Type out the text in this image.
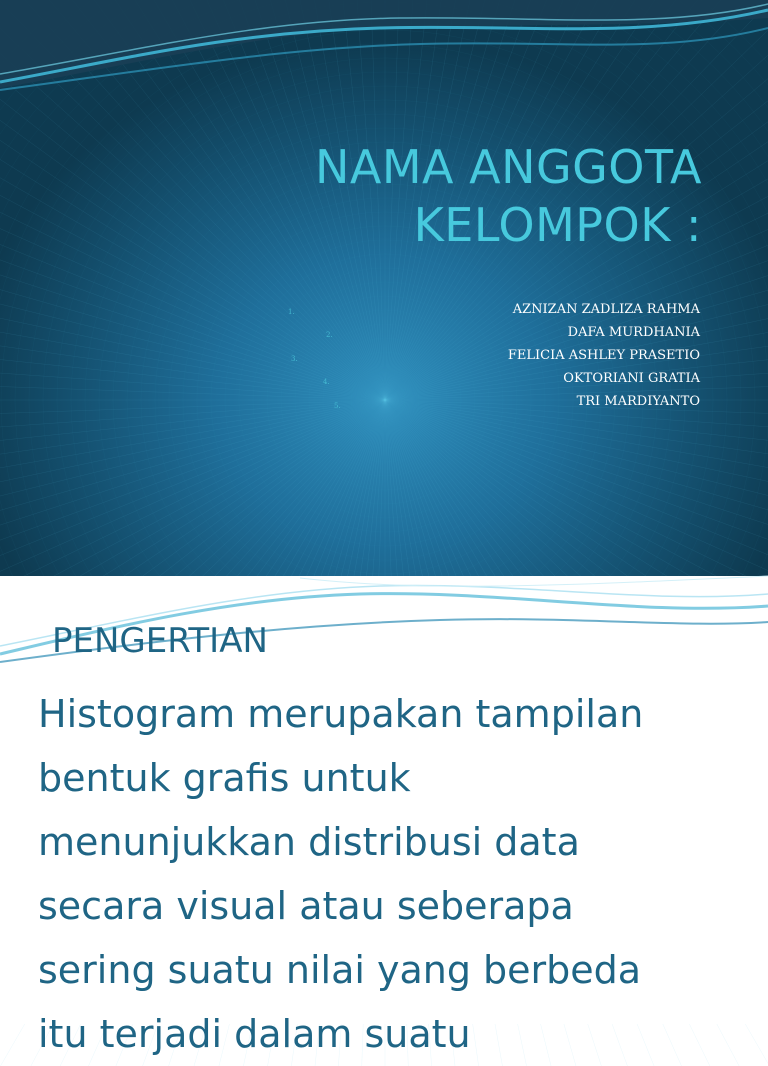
NAMA ANGGOTA
KELOMPOK :
1.
2.
3.
4.
5.
AZNIZAN ZADLIZA RAHMA
DAFA MURDHANIA
FELICIA ASHLEY PRASETIO
OKTORIANI GRATIA
TRI MARDIYANTO
PENGERTIAN
Histogram merupakan tampilan
bentuk grafis untuk
menunjukkan distribusi data
secara visual atau seberapa
sering suatu nilai yang berbeda
itu terjadi dalam suatu
